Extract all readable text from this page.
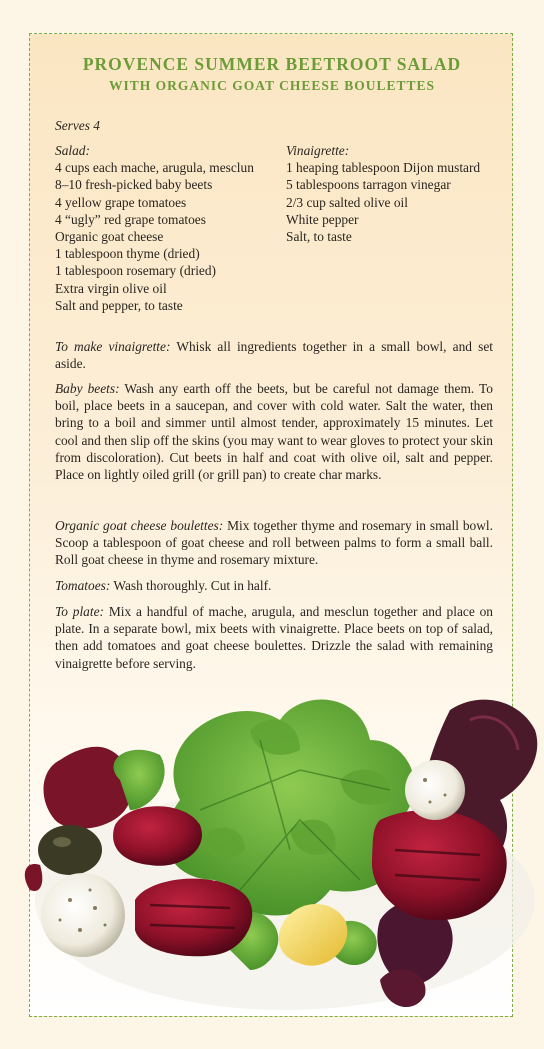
PROVENCE SUMMER BEETROOT SALAD
WITH ORGANIC GOAT CHEESE BOULETTES
Serves 4
Salad:
4 cups each mache, arugula, mesclun
8–10 fresh-picked baby beets
4 yellow grape tomatoes
4 “ugly” red grape tomatoes
Organic goat cheese
1 tablespoon thyme (dried)
1 tablespoon rosemary (dried)
Extra virgin olive oil
Salt and pepper, to taste
Vinaigrette:
1 heaping tablespoon Dijon mustard
5 tablespoons tarragon vinegar
2/3 cup salted olive oil
White pepper
Salt, to taste

To make vinaigrette: Whisk all ingredients together in a small bowl, and set aside.

Baby beets: Wash any earth off the beets, but be careful not damage them. To boil, place beets in a saucepan, and cover with cold water. Salt the water, then bring to a boil and simmer until almost tender, approximately 15 minutes. Let cool and then slip off the skins (you may want to wear gloves to protect your skin from discoloration). Cut beets in half and coat with olive oil, salt and pepper. Place on lightly oiled grill (or grill pan) to create char marks.

Organic goat cheese boulettes: Mix together thyme and rosemary in small bowl. Scoop a tablespoon of goat cheese and roll between palms to form a small ball. Roll goat cheese in thyme and rosemary mixture.

Tomatoes: Wash thoroughly. Cut in half.

To plate: Mix a handful of mache, arugula, and mesclun together and place on plate. In a separate bowl, mix beets with vinaigrette. Place beets on top of salad, then add tomatoes and goat cheese boulettes. Drizzle the salad with remaining vinaigrette before serving.
